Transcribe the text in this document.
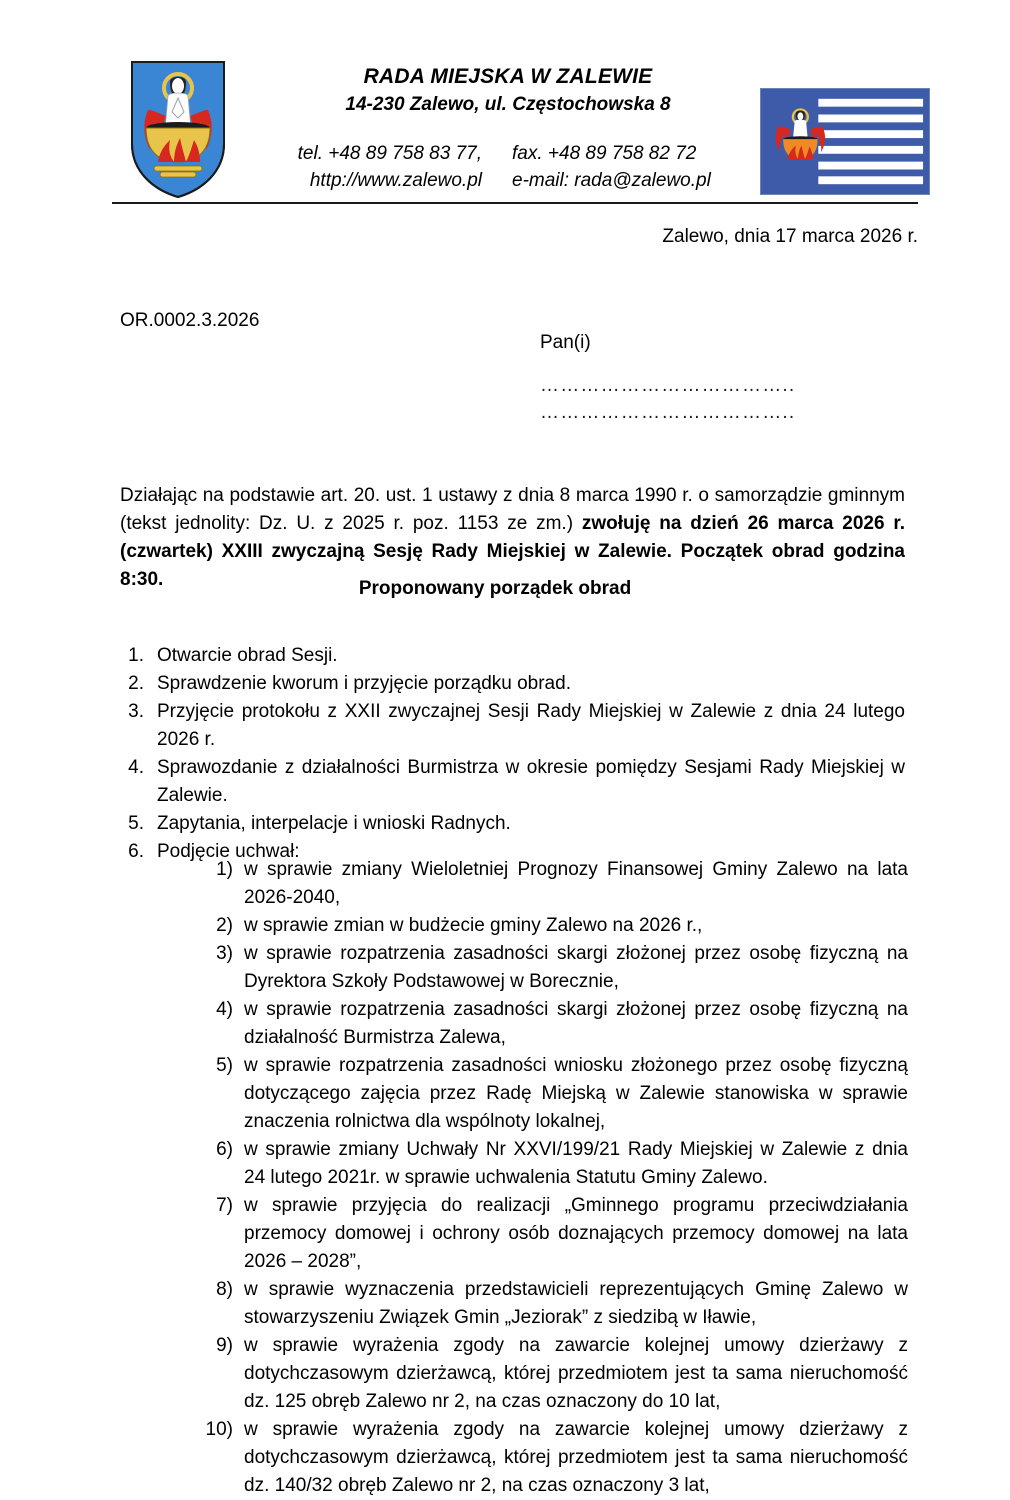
RADA MIEJSKA W ZALEWIE
14-230 Zalewo, ul. Częstochowska 8
tel. +48 89 758 83 77,	fax. +48 89 758 82 72
http://www.zalewo.pl	e-mail: rada@zalewo.pl
Zalewo, dnia 17 marca 2026 r.
OR.0002.3.2026
Pan(i)
………………………………..
………………………………..

Działając na podstawie art. 20. ust. 1 ustawy z dnia 8 marca 1990 r. o samorządzie gminnym (tekst jednolity: Dz. U. z 2025 r. poz. 1153 ze zm.) zwołuję na dzień 26 marca 2026 r. (czwartek) XXIII zwyczajną Sesję Rady Miejskiej w Zalewie. Początek obrad godzina 8:30.	Proponowany porządek obrad
1. Otwarcie obrad Sesji.
2. Sprawdzenie kworum i przyjęcie porządku obrad.
3. Przyjęcie protokołu z XXII zwyczajnej Sesji Rady Miejskiej w Zalewie z dnia 24 lutego 2026 r.
4. Sprawozdanie z działalności Burmistrza w okresie pomiędzy Sesjami Rady Miejskiej w Zalewie.
5. Zapytania, interpelacje i wnioski Radnych.
6. Podjęcie uchwał:
1) w sprawie zmiany Wieloletniej Prognozy Finansowej Gminy Zalewo na lata 2026-2040,
2) w sprawie zmian w budżecie gminy Zalewo na 2026 r.,
3) w sprawie rozpatrzenia zasadności skargi złożonej przez osobę fizyczną na Dyrektora Szkoły Podstawowej w Borecznie,
4) w sprawie rozpatrzenia zasadności skargi złożonej przez osobę fizyczną na działalność Burmistrza Zalewa,
5) w sprawie rozpatrzenia zasadności wniosku złożonego przez osobę fizyczną dotyczącego zajęcia przez Radę Miejską w Zalewie stanowiska w sprawie znaczenia rolnictwa dla wspólnoty lokalnej,
6) w sprawie zmiany Uchwały Nr XXVI/199/21 Rady Miejskiej w Zalewie z dnia 24 lutego 2021r. w sprawie uchwalenia Statutu Gminy Zalewo.
7) w sprawie przyjęcia do realizacji „Gminnego programu przeciwdziałania przemocy domowej i ochrony osób doznających przemocy domowej na lata 2026 – 2028”,
8) w sprawie wyznaczenia przedstawicieli reprezentujących Gminę Zalewo w stowarzyszeniu Związek Gmin „Jeziorak” z siedzibą w Iławie,
9) w sprawie wyrażenia zgody na zawarcie kolejnej umowy dzierżawy z dotychczasowym dzierżawcą, której przedmiotem jest ta sama nieruchomość dz. 125 obręb Zalewo nr 2, na czas oznaczony do 10 lat,
10) w sprawie wyrażenia zgody na zawarcie kolejnej umowy dzierżawy z dotychczasowym dzierżawcą, której przedmiotem jest ta sama nieruchomość dz. 140/32 obręb Zalewo nr 2, na czas oznaczony 3 lat,
